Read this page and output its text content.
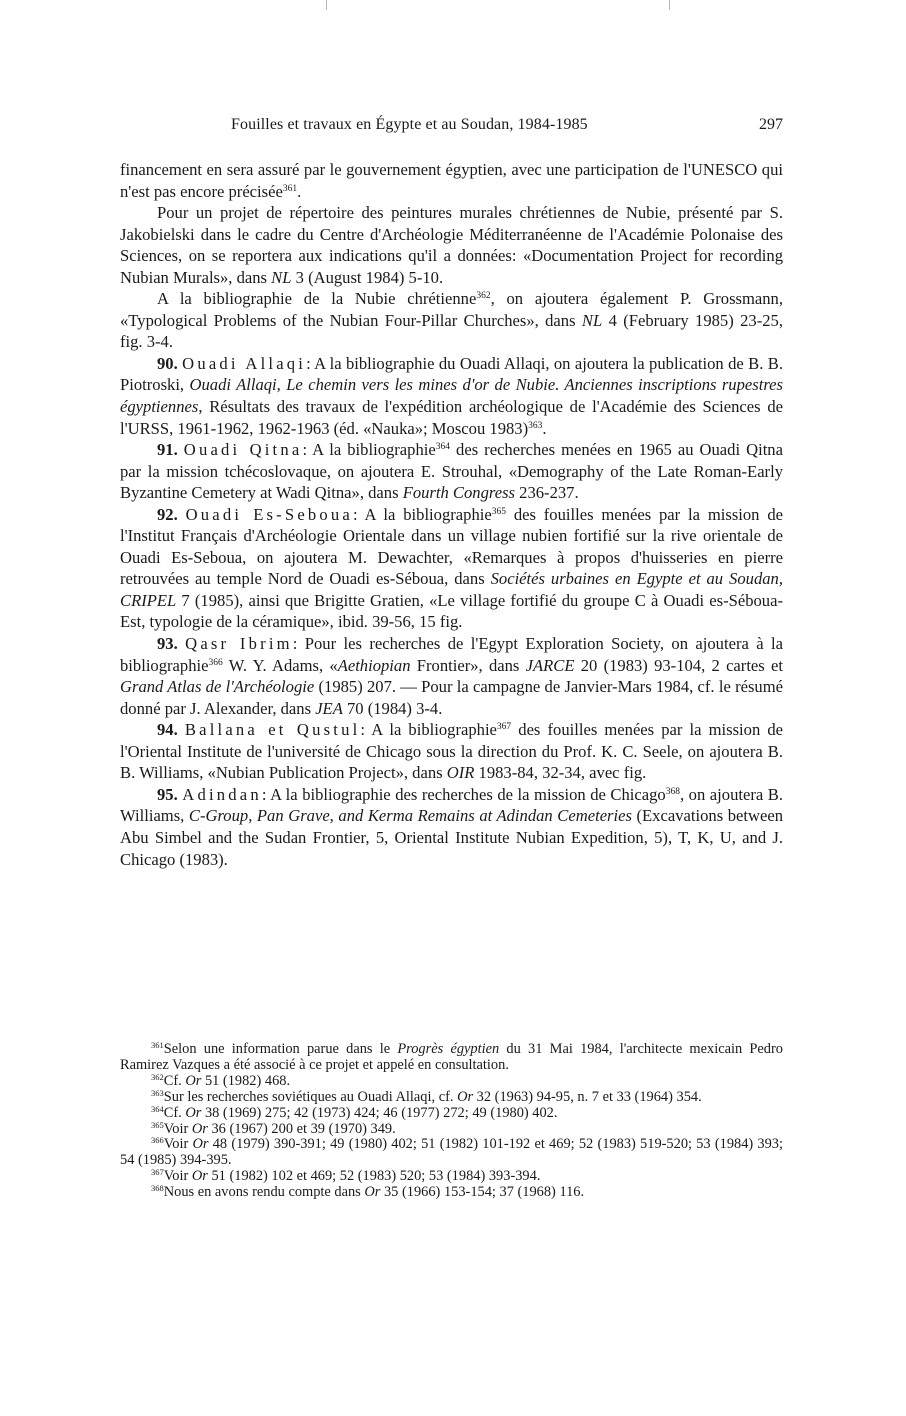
Fouilles et travaux en Égypte et au Soudan, 1984-1985	297

financement en sera assuré par le gouvernement égyptien, avec une participation de l'UNESCO qui n'est pas encore précisée$^{361}$.

Pour un projet de répertoire des peintures murales chrétiennes de Nubie, présenté par S. Jakobielski dans le cadre du Centre d'Archéologie Méditerranéenne de l'Académie Polonaise des Sciences, on se reportera aux indications qu'il a données: «Documentation Project for recording Nubian Murals», dans NL 3 (August 1984) 5-10.

A la bibliographie de la Nubie chrétienne$^{362}$, on ajoutera également P. Grossmann, «Typological Problems of the Nubian Four-Pillar Churches», dans NL 4 (February 1985) 23-25, fig. 3-4.

90. Ouadi Allaqi: A la bibliographie du Ouadi Allaqi, on ajoutera la publication de B. B. Piotroski, Ouadi Allaqi, Le chemin vers les mines d'or de Nubie. Anciennes inscriptions rupestres égyptiennes, Résultats des travaux de l'expédition archéologique de l'Académie des Sciences de l'URSS, 1961-1962, 1962-1963 (éd. «Nauka»; Moscou 1983)$^{363}$.

91. Ouadi Qitna: A la bibliographie$^{364}$ des recherches menées en 1965 au Ouadi Qitna par la mission tchécoslovaque, on ajoutera E. Strouhal, «Demography of the Late Roman-Early Byzantine Cemetery at Wadi Qitna», dans Fourth Congress 236-237.

92. Ouadi Es-Seboua: A la bibliographie$^{365}$ des fouilles menées par la mission de l'Institut Français d'Archéologie Orientale dans un village nubien fortifié sur la rive orientale de Ouadi Es-Seboua, on ajoutera M. Dewachter, «Remarques à propos d'huisseries en pierre retrouvées au temple Nord de Ouadi es-Séboua, dans Sociétés urbaines en Egypte et au Soudan, CRIPEL 7 (1985), ainsi que Brigitte Gratien, «Le village fortifié du groupe C à Ouadi es-Séboua-Est, typologie de la céramique», ibid. 39-56, 15 fig.

93. Qasr Ibrim: Pour les recherches de l'Egypt Exploration Society, on ajoutera à la bibliographie$^{366}$ W. Y. Adams, «Aethiopian Frontier», dans JARCE 20 (1983) 93-104, 2 cartes et Grand Atlas de l'Archéologie (1985) 207. — Pour la campagne de Janvier-Mars 1984, cf. le résumé donné par J. Alexander, dans JEA 70 (1984) 3-4.

94. Ballana et Qustul: A la bibliographie$^{367}$ des fouilles menées par la mission de l'Oriental Institute de l'université de Chicago sous la direction du Prof. K. C. Seele, on ajoutera B. B. Williams, «Nubian Publication Project», dans OIR 1983-84, 32-34, avec fig.

95. Adindan: A la bibliographie des recherches de la mission de Chicago$^{368}$, on ajoutera B. Williams, C-Group, Pan Grave, and Kerma Remains at Adindan Cemeteries (Excavations between Abu Simbel and the Sudan Frontier, 5, Oriental Institute Nubian Expedition, 5), T, K, U, and J. Chicago (1983).

$^{361}$Selon une information parue dans le Progrès égyptien du 31 Mai 1984, l'architecte mexicain Pedro Ramirez Vazques a été associé à ce projet et appelé en consultation.

$^{362}$Cf. Or 51 (1982) 468.

$^{363}$Sur les recherches soviétiques au Ouadi Allaqi, cf. Or 32 (1963) 94-95, n. 7 et 33 (1964) 354.

$^{364}$Cf. Or 38 (1969) 275; 42 (1973) 424; 46 (1977) 272; 49 (1980) 402.

$^{365}$Voir Or 36 (1967) 200 et 39 (1970) 349.

$^{366}$Voir Or 48 (1979) 390-391; 49 (1980) 402; 51 (1982) 101-192 et 469; 52 (1983) 519-520; 53 (1984) 393; 54 (1985) 394-395.

$^{367}$Voir Or 51 (1982) 102 et 469; 52 (1983) 520; 53 (1984) 393-394.

$^{368}$Nous en avons rendu compte dans Or 35 (1966) 153-154; 37 (1968) 116.
